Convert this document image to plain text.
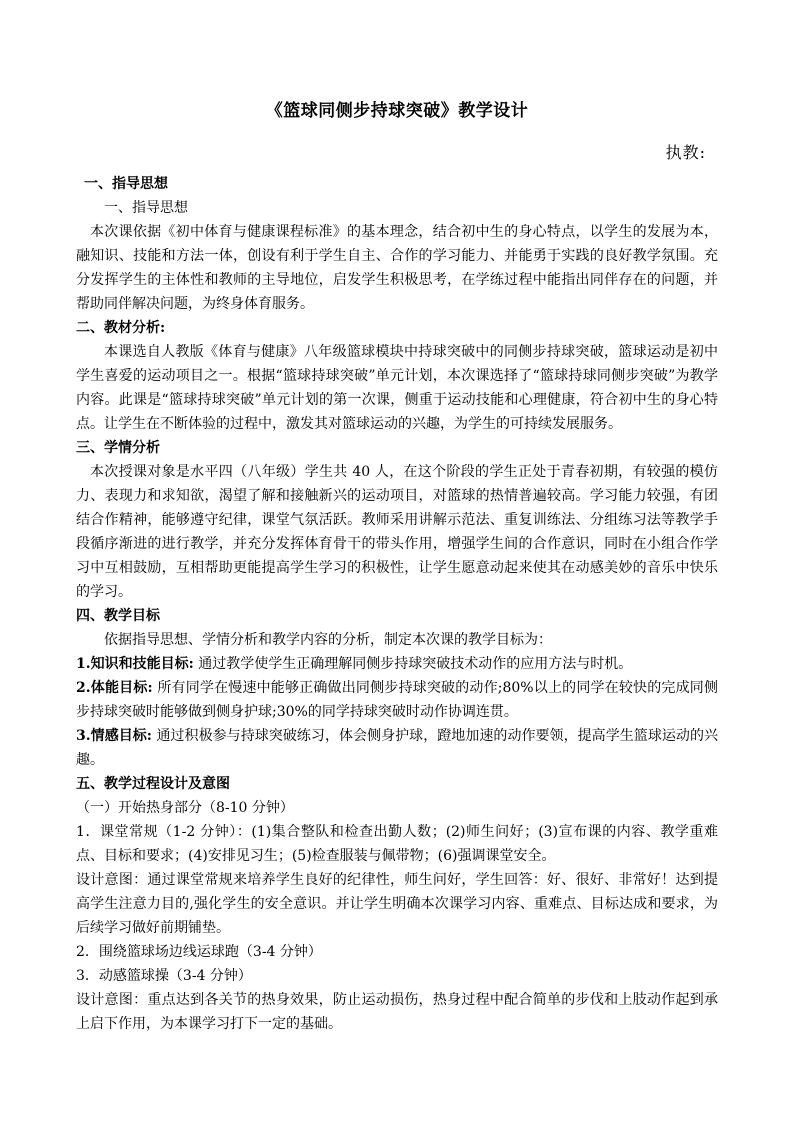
《篮球同侧步持球突破》教学设计
执教:
一、指导思想
一、指导思想

本次课依据《初中体育与健康课程标准》的基本理念，结合初中生的身心特点，以学生的发展为本，融知识、技能和方法一体，创设有利于学生自主、合作的学习能力、并能勇于实践的良好教学氛围。充分发挥学生的主体性和教师的主导地位，启发学生积极思考，在学练过程中能指出同伴存在的问题，并帮助同伴解决问题，为终身体育服务。

二、教材分析:

本课选自人教版《体育与健康》八年级篮球模块中持球突破中的同侧步持球突破，篮球运动是初中学生喜爱的运动项目之一。根据“篮球持球突破”单元计划，本次课选择了“篮球持球同侧步突破”为教学内容。此课是“篮球持球突破”单元计划的第一次课，侧重于运动技能和心理健康，符合初中生的身心特点。让学生在不断体验的过程中，激发其对篮球运动的兴趣，为学生的可持续发展服务。

三、学情分析

本次授课对象是水平四（八年级）学生共 40 人，在这个阶段的学生正处于青春初期，有较强的模仿力、表现力和求知欲，渴望了解和接触新兴的运动项目，对篮球的热情普遍较高。学习能力较强，有团结合作精神，能够遵守纪律，课堂气氛活跃。教师采用讲解示范法、重复训练法、分组练习法等教学手段循序渐进的进行教学，并充分发挥体育骨干的带头作用，增强学生间的合作意识，同时在小组合作学习中互相鼓励，互相帮助更能提高学生学习的积极性，让学生愿意动起来使其在动感美妙的音乐中快乐的学习。

四、教学目标

依据指导思想、学情分析和教学内容的分析，制定本次课的教学目标为：

1.知识和技能目标: 通过教学使学生正确理解同侧步持球突破技术动作的应用方法与时机。

2.体能目标: 所有同学在慢速中能够正确做出同侧步持球突破的动作;80%以上的同学在较快的完成同侧步持球突破时能够做到侧身护球;30%的同学持球突破时动作协调连贯。

3.情感目标: 通过积极参与持球突破练习，体会侧身护球，蹬地加速的动作要领，提高学生篮球运动的兴趣。

五、教学过程设计及意图

（一）开始热身部分（8-10 分钟）

1．课堂常规（1-2 分钟）：(1)集合整队和检查出勤人数；(2)师生问好；(3)宣布课的内容、教学重难点、目标和要求；(4)安排见习生；(5)检查服装与佩带物；(6)强调课堂安全。

设计意图：通过课堂常规来培养学生良好的纪律性，师生问好，学生回答：好、很好、非常好！达到提高学生注意力目的,强化学生的安全意识。并让学生明确本次课学习内容、重难点、目标达成和要求，为后续学习做好前期铺垫。

2．围绕篮球场边线运球跑（3-4 分钟）

3．动感篮球操（3-4 分钟）

设计意图：重点达到各关节的热身效果，防止运动损伤，热身过程中配合简单的步伐和上肢动作起到承上启下作用，为本课学习打下一定的基础。
